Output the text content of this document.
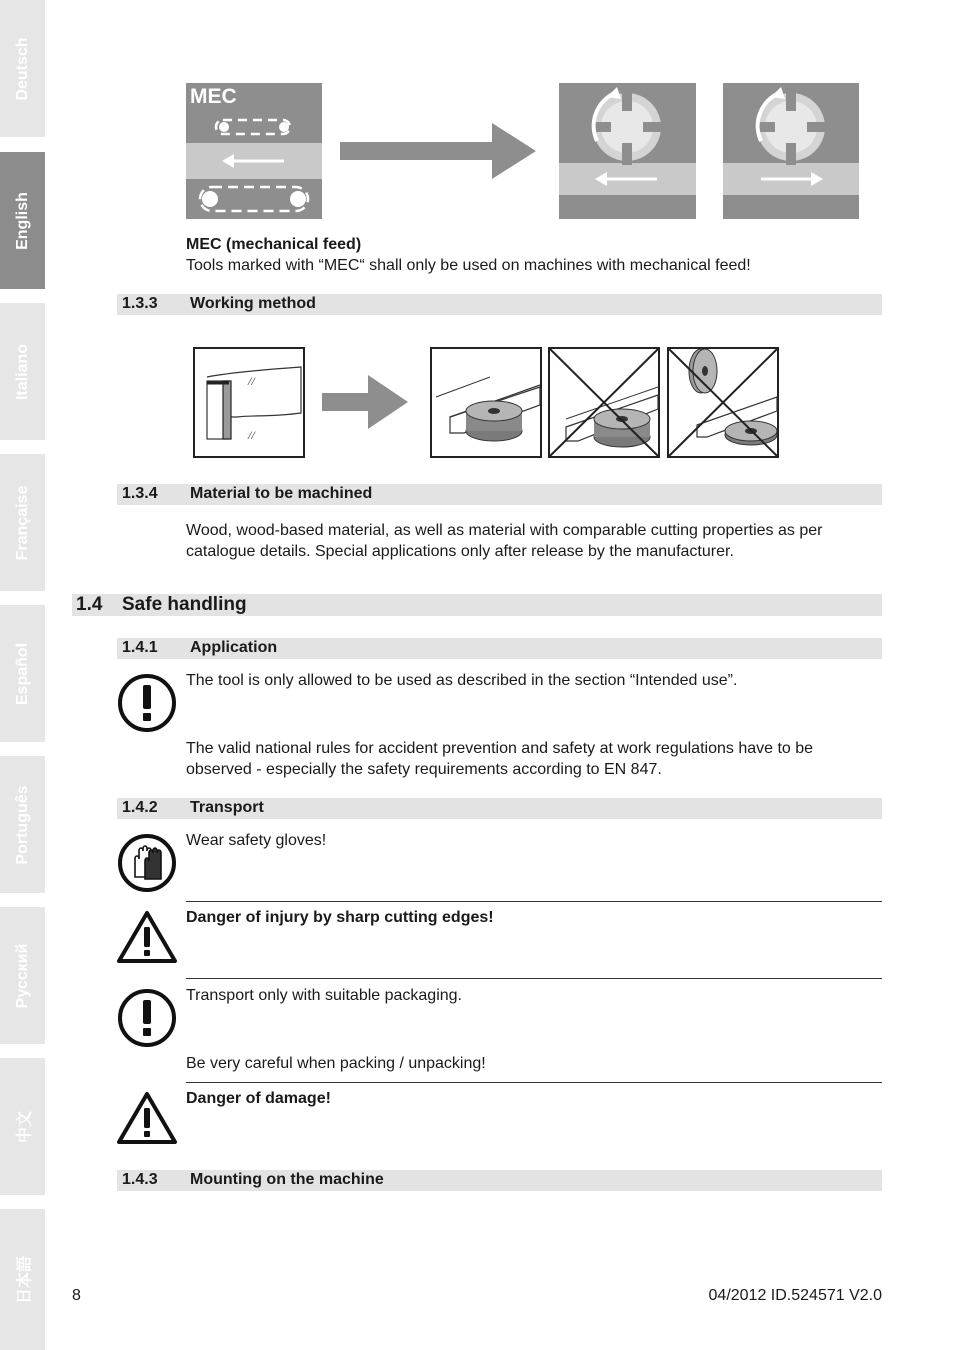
Deutsch
English
Italiano
Française
Español
Português
Русский
中文
日本語
MEC
MEC (mechanical feed)
Tools marked with “MEC“ shall only be used on machines with mechanical feed!
1.3.3 Working method
//
//
1.3.4 Material to be machined
Wood, wood-based material, as well as material with comparable cutting properties as per
catalogue details. Special applications only after release by the manufacturer.
1.4 Safe handling
1.4.1 Application
The tool is only allowed to be used as described in the section “Intended use”.
The valid national rules for accident prevention and safety at work regulations have to be
observed - especially the safety requirements according to EN 847.
1.4.2 Transport
Wear safety gloves!
Danger of injury by sharp cutting edges!
Transport only with suitable packaging.
Be very careful when packing / unpacking!
Danger of damage!
1.4.3 Mounting on the machine
8	04/2012 ID.524571 V2.0
